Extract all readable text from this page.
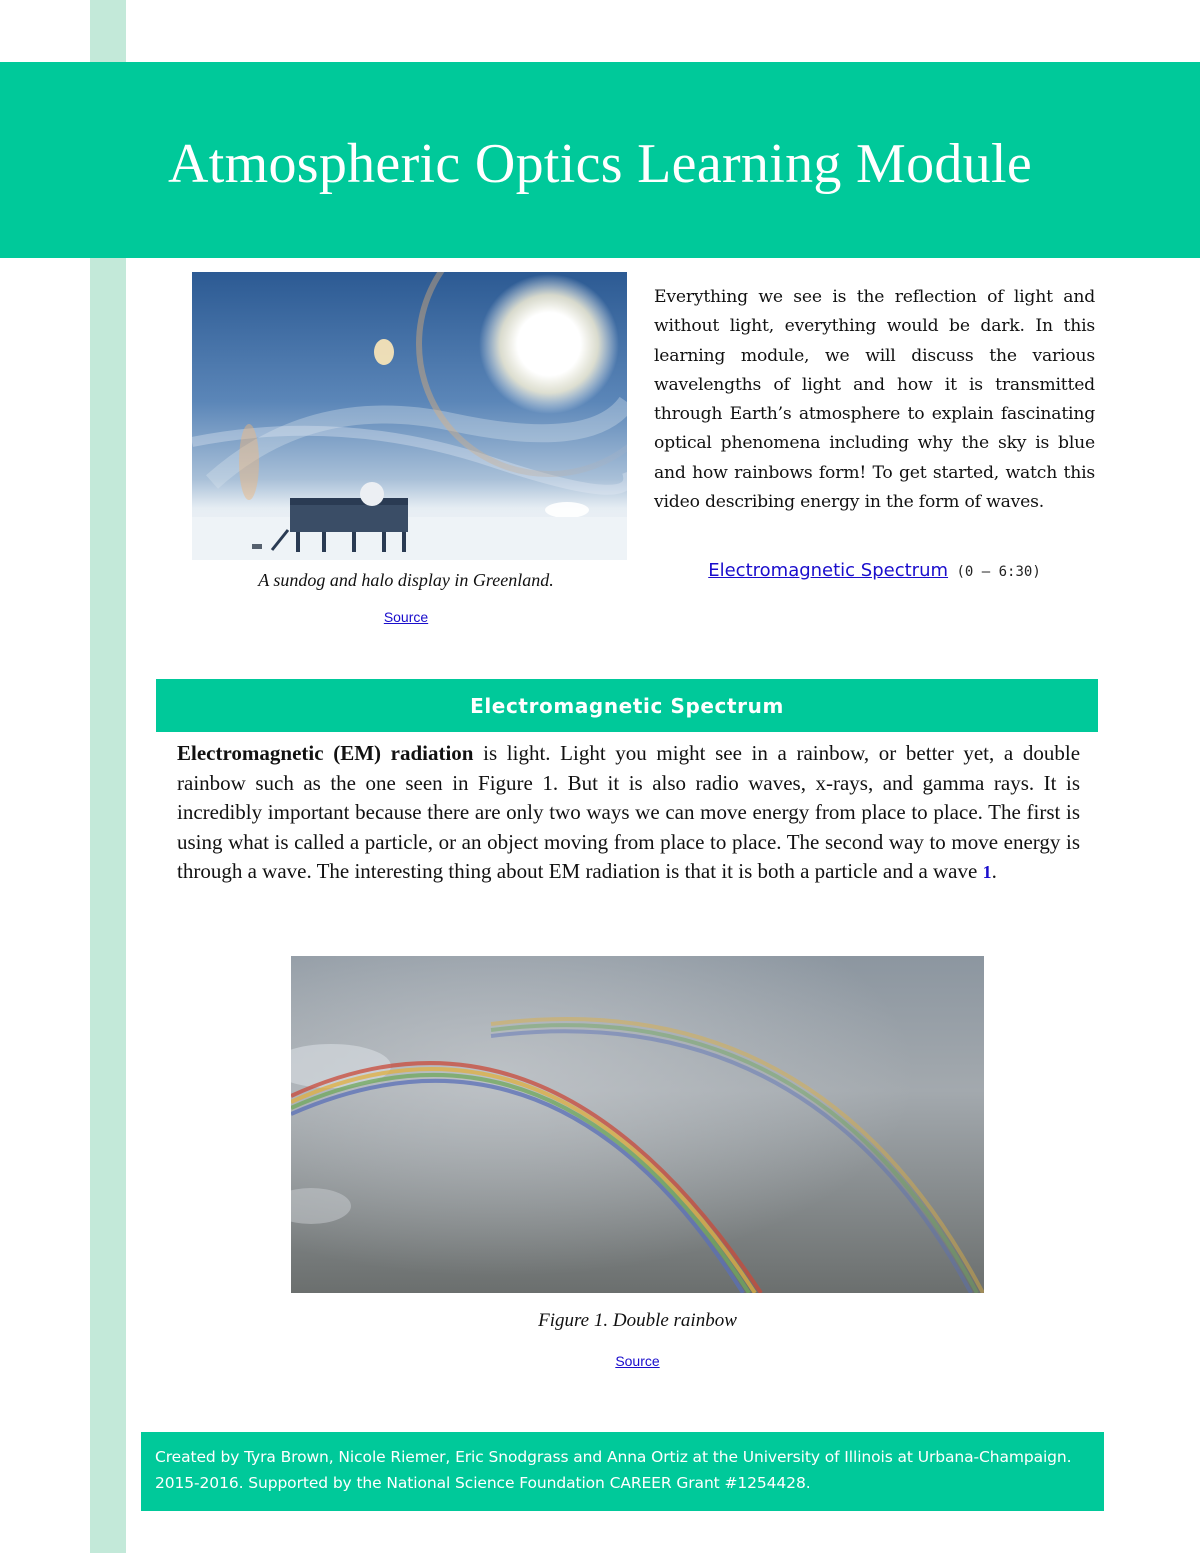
Atmospheric Optics Learning Module
A sundog and halo display in Greenland.
Source

Everything we see is the reflection of light and without light, everything would be dark. In this learning module, we will discuss the various wavelengths of light and how it is transmitted through Earth’s atmosphere to explain fascinating optical phenomena including why the sky is blue and how rainbows form! To get started, watch this video describing energy in the form of waves.

Electromagnetic Spectrum (0 – 6:30)
Electromagnetic Spectrum

Electromagnetic (EM) radiation is light. Light you might see in a rainbow, or better yet, a double rainbow such as the one seen in Figure 1. But it is also radio waves, x-rays, and gamma rays. It is incredibly important because there are only two ways we can move energy from place to place. The first is using what is called a particle, or an object moving from place to place. The second way to move energy is through a wave. The interesting thing about EM radiation is that it is both a particle and a wave 1.

Figure 1. Double rainbow
Source

Created by Tyra Brown, Nicole Riemer, Eric Snodgrass and Anna Ortiz at the University of Illinois at Urbana-Champaign. 2015-2016. Supported by the National Science Foundation CAREER Grant #1254428.
